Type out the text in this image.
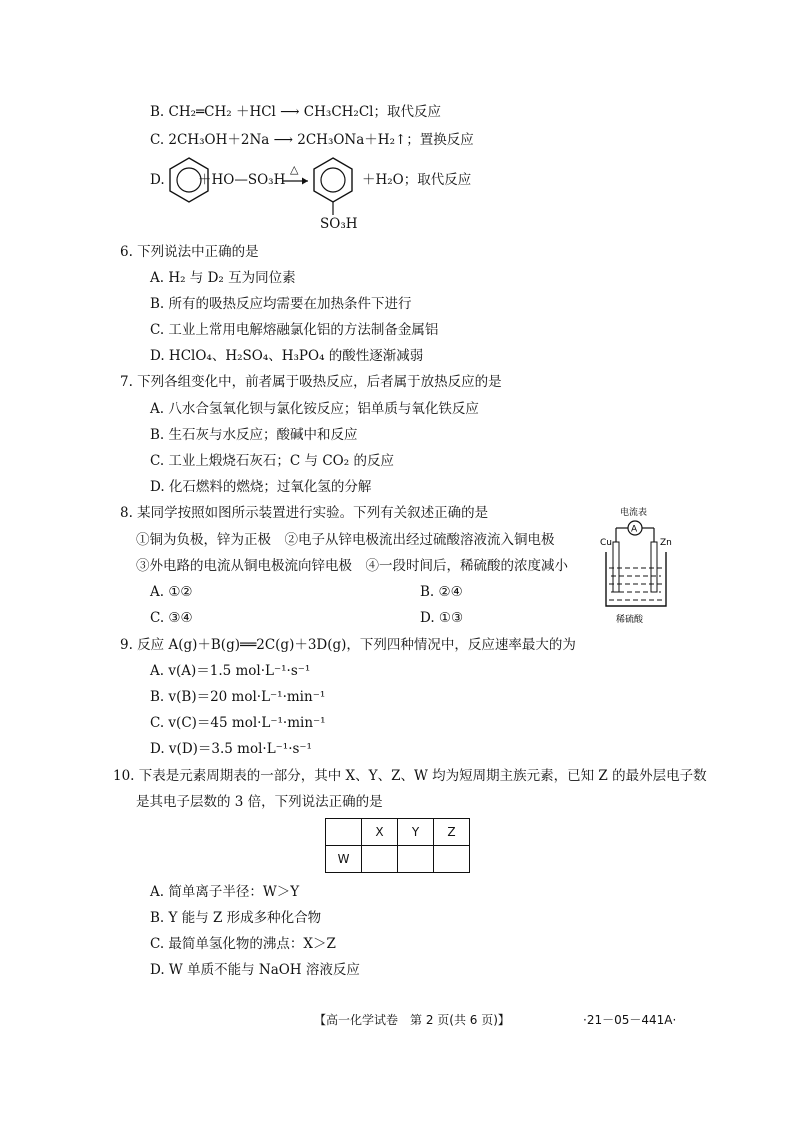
B. CH₂═CH₂ ＋HCl ⟶ CH₃CH₂Cl；取代反应
C. 2CH₃OH＋2Na ⟶ 2CH₃ONa＋H₂↑；置换反应
D. ＋HO—SO₃H
△
＋H₂O；取代反应
SO₃H
6. 下列说法中正确的是
A. H₂ 与 D₂ 互为同位素
B. 所有的吸热反应均需要在加热条件下进行
C. 工业上常用电解熔融氯化铝的方法制备金属铝
D. HClO₄、H₂SO₄、H₃PO₄ 的酸性逐渐减弱
7. 下列各组变化中，前者属于吸热反应，后者属于放热反应的是
A. 八水合氢氧化钡与氯化铵反应；铝单质与氧化铁反应
B. 生石灰与水反应；酸碱中和反应
C. 工业上煅烧石灰石；C 与 CO₂ 的反应
D. 化石燃料的燃烧；过氧化氢的分解
8. 某同学按照如图所示装置进行实验。下列有关叙述正确的是
①铜为负极，锌为正极　②电子从锌电极流出经过硫酸溶液流入铜电极
③外电路的电流从铜电极流向锌电极　④一段时间后，稀硫酸的浓度减小
A. ①②	B. ②④
C. ③④	D. ①③
电流表
A
Cu	Zn
稀硫酸
9. 反应 A(g)＋B(g)══2C(g)＋3D(g)，下列四种情况中，反应速率最大的为
A. v(A)＝1.5 mol·L⁻¹·s⁻¹
B. v(B)＝20 mol·L⁻¹·min⁻¹
C. v(C)＝45 mol·L⁻¹·min⁻¹
D. v(D)＝3.5 mol·L⁻¹·s⁻¹
10. 下表是元素周期表的一部分，其中 X、Y、Z、W 均为短周期主族元素，已知 Z 的最外层电子数
是其电子层数的 3 倍，下列说法正确的是
	X	Y	Z
W			
A. 简单离子半径：W＞Y
B. Y 能与 Z 形成多种化合物
C. 最简单氢化物的沸点：X＞Z
D. W 单质不能与 NaOH 溶液反应
【高一化学试卷　第 2 页(共 6 页)】	·21－05－441A·
